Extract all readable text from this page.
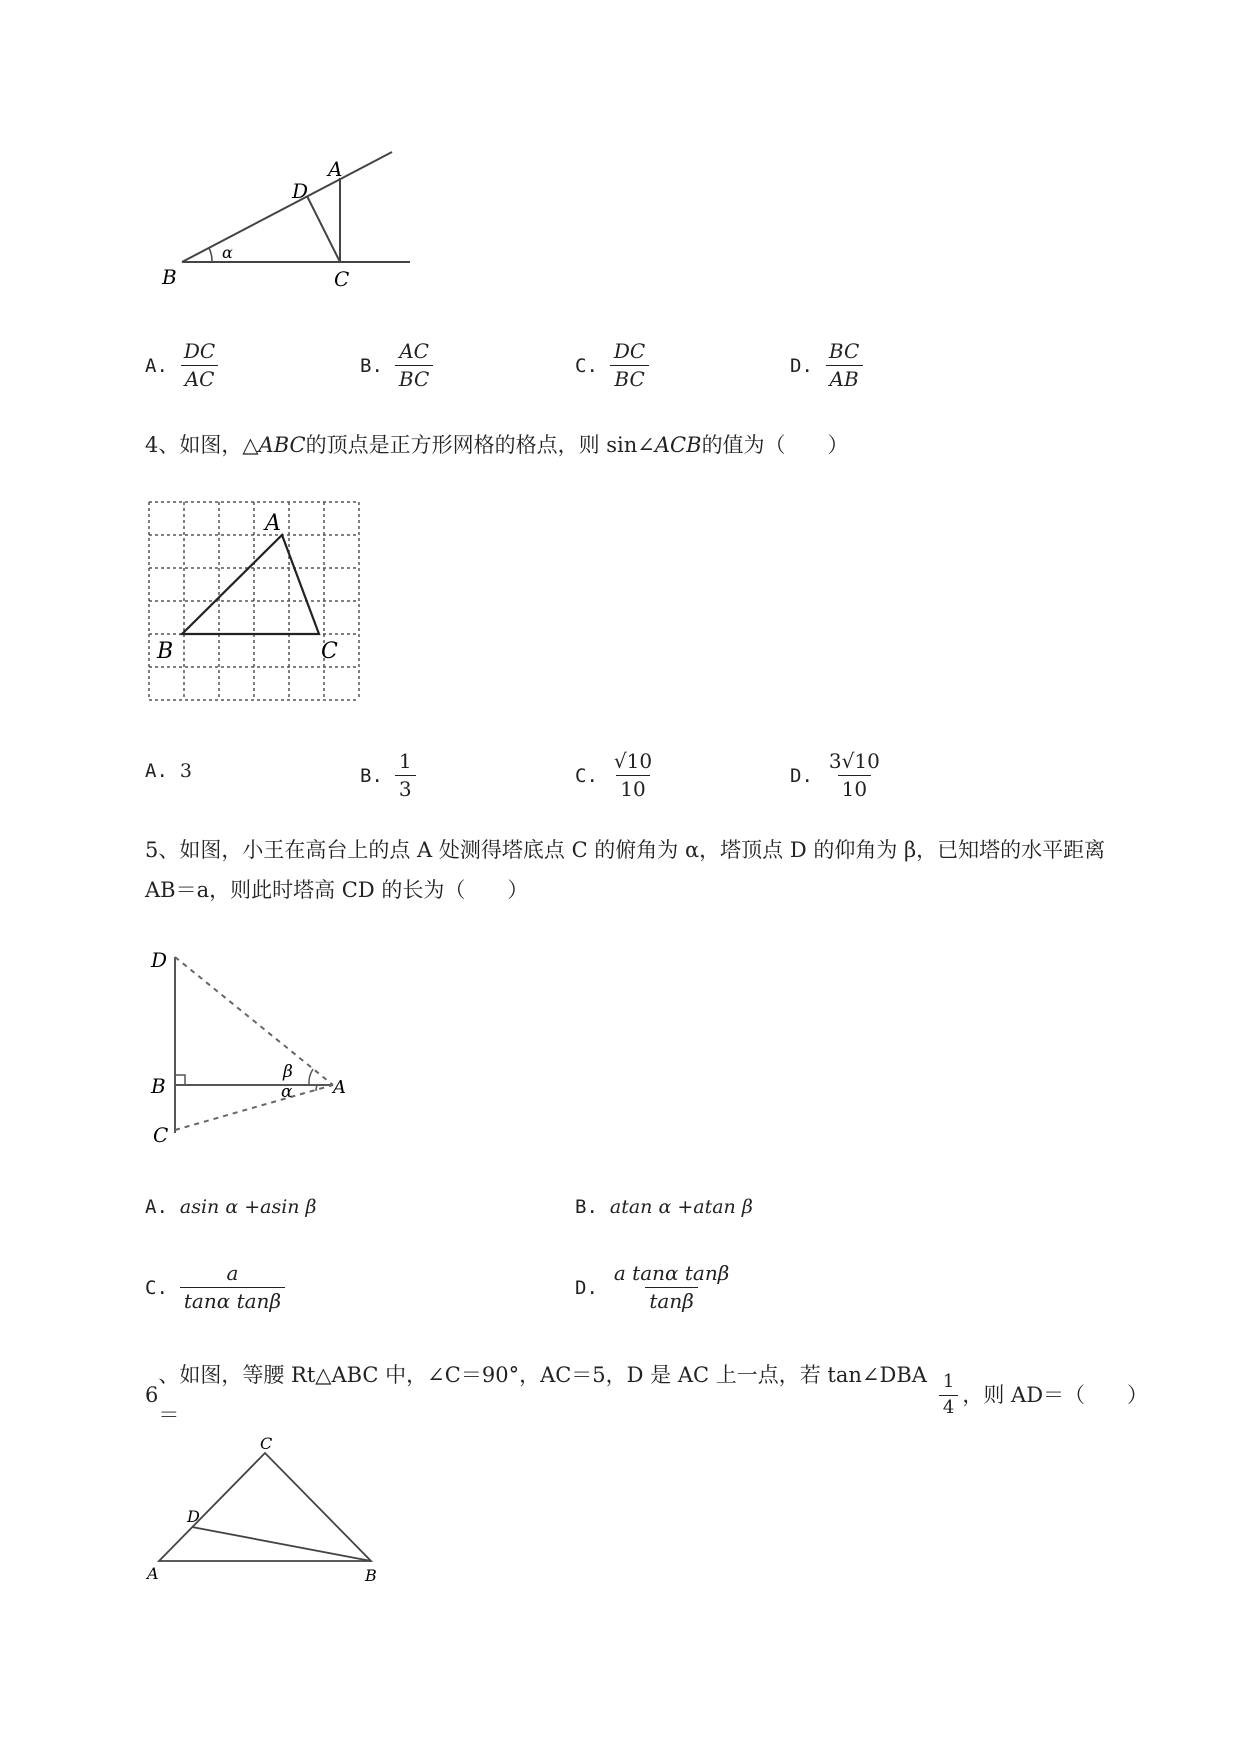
A
D
B	C
α
A. $\frac{DC}{AC}$	B. $\frac{AC}{BC}$	C. $\frac{DC}{BC}$	D. $\frac{BC}{AB}$
4、如图，△ABC的顶点是正方形网格的格点，则 sin∠ACB的值为（　　）
A
B	C
A. 3	B. $\frac{1}{3}$	C. $\frac{√10}{10}$	D. $\frac{3√10}{10}$
5、如图，小王在高台上的点 A 处测得塔底点 C 的俯角为 α，塔顶点 D 的仰角为 β，已知塔的水平距离
AB＝a，则此时塔高 CD 的长为（　　）
D
B
C
A
α
β
A. asin α +asin β	B. atan α +atan β
C. $\frac{a}{\text{tanα tanβ}}$	D. $\frac{\text{a tanα tanβ}}{\tan\beta}$
6
、如图，等腰 Rt△ABC 中，∠C＝90°，AC＝5，D 是 AC 上一点，若 tan∠DBA＝	$\frac{1}{4}$ ，则 AD＝（　　）
C
D
A	B
